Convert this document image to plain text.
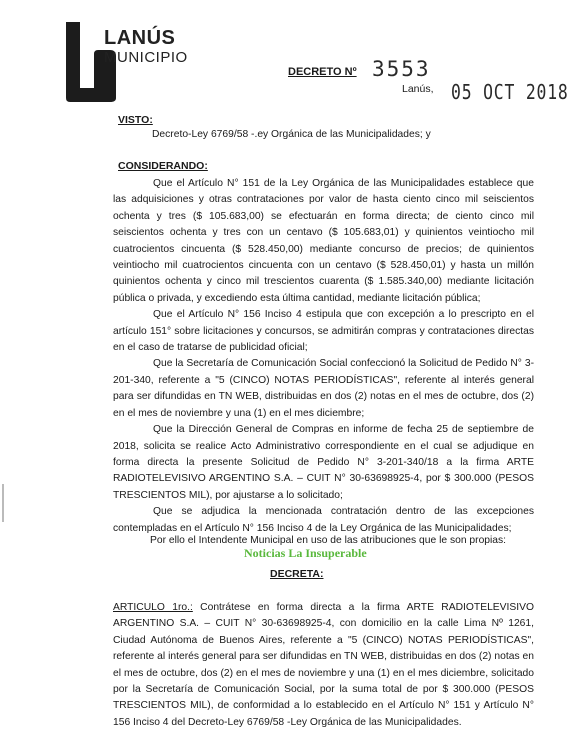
LANÚS
MUNICIPIO
DECRETO Nº 3553
Lanús, 05 OCT 2018
VISTO:
Decreto-Ley 6769/58 -.ey Orgánica de las Municipalidades; y
CONSIDERANDO:

Que el Artículo N° 151 de la Ley Orgánica de las Municipalidades establece que las adquisiciones y otras contrataciones por valor de hasta ciento cinco mil seiscientos ochenta y tres ($ 105.683,00) se efectuarán en forma directa; de ciento cinco mil seiscientos ochenta y tres con un centavo ($ 105.683,01) y quinientos veintiocho mil cuatrocientos cincuenta ($ 528.450,00) mediante concurso de precios; de quinientos veintiocho mil cuatrocientos cincuenta con un centavo ($ 528.450,01) y hasta un millón quinientos ochenta y cinco mil trescientos cuarenta ($ 1.585.340,00) mediante licitación pública o privada, y excediendo esta última cantidad, mediante licitación pública;

Que el Artículo N° 156 Inciso 4 estipula que con excepción a lo prescripto en el artículo 151° sobre licitaciones y concursos, se admitirán compras y contrataciones directas en el caso de tratarse de publicidad oficial;

Que la Secretaría de Comunicación Social confeccionó la Solicitud de Pedido N° 3-201-340, referente a "5 (CINCO) NOTAS PERIODÍSTICAS", referente al interés general para ser difundidas en TN WEB, distribuidas en dos (2) notas en el mes de octubre, dos (2) en el mes de noviembre y una (1) en el mes diciembre;

Que la Dirección General de Compras en informe de fecha 25 de septiembre de 2018, solicita se realice Acto Administrativo correspondiente en el cual se adjudique en forma directa la presente Solicitud de Pedido N° 3-201-340/18 a la firma ARTE RADIOTELEVISIVO ARGENTINO S.A. – CUIT N° 30-63698925-4, por $ 300.000 (PESOS TRESCIENTOS MIL), por ajustarse a lo solicitado;

Que se adjudica la mencionada contratación dentro de las excepciones contempladas en el Artículo N° 156 Inciso 4 de la Ley Orgánica de las Municipalidades;

Por ello el Intendente Municipal en uso de las atribuciones que le son propias:
Noticias La Insuperable
DECRETA:
ARTICULO 1ro.: Contrátese en forma directa a la firma ARTE RADIOTELEVISIVO ARGENTINO S.A. – CUIT N° 30-63698925-4, con domicilio en la calle Lima Nº 1261, Ciudad Autónoma de Buenos Aires, referente a "5 (CINCO) NOTAS PERIODÍSTICAS", referente al interés general para ser difundidas en TN WEB, distribuidas en dos (2) notas en el mes de octubre, dos (2) en el mes de noviembre y una (1) en el mes diciembre, solicitado por la Secretaría de Comunicación Social, por la suma total de por $ 300.000 (PESOS TRESCIENTOS MIL), de conformidad a lo establecido en el Artículo N° 151 y Artículo N° 156 Inciso 4 del Decreto-Ley 6769/58 -Ley Orgánica de las Municipalidades.
